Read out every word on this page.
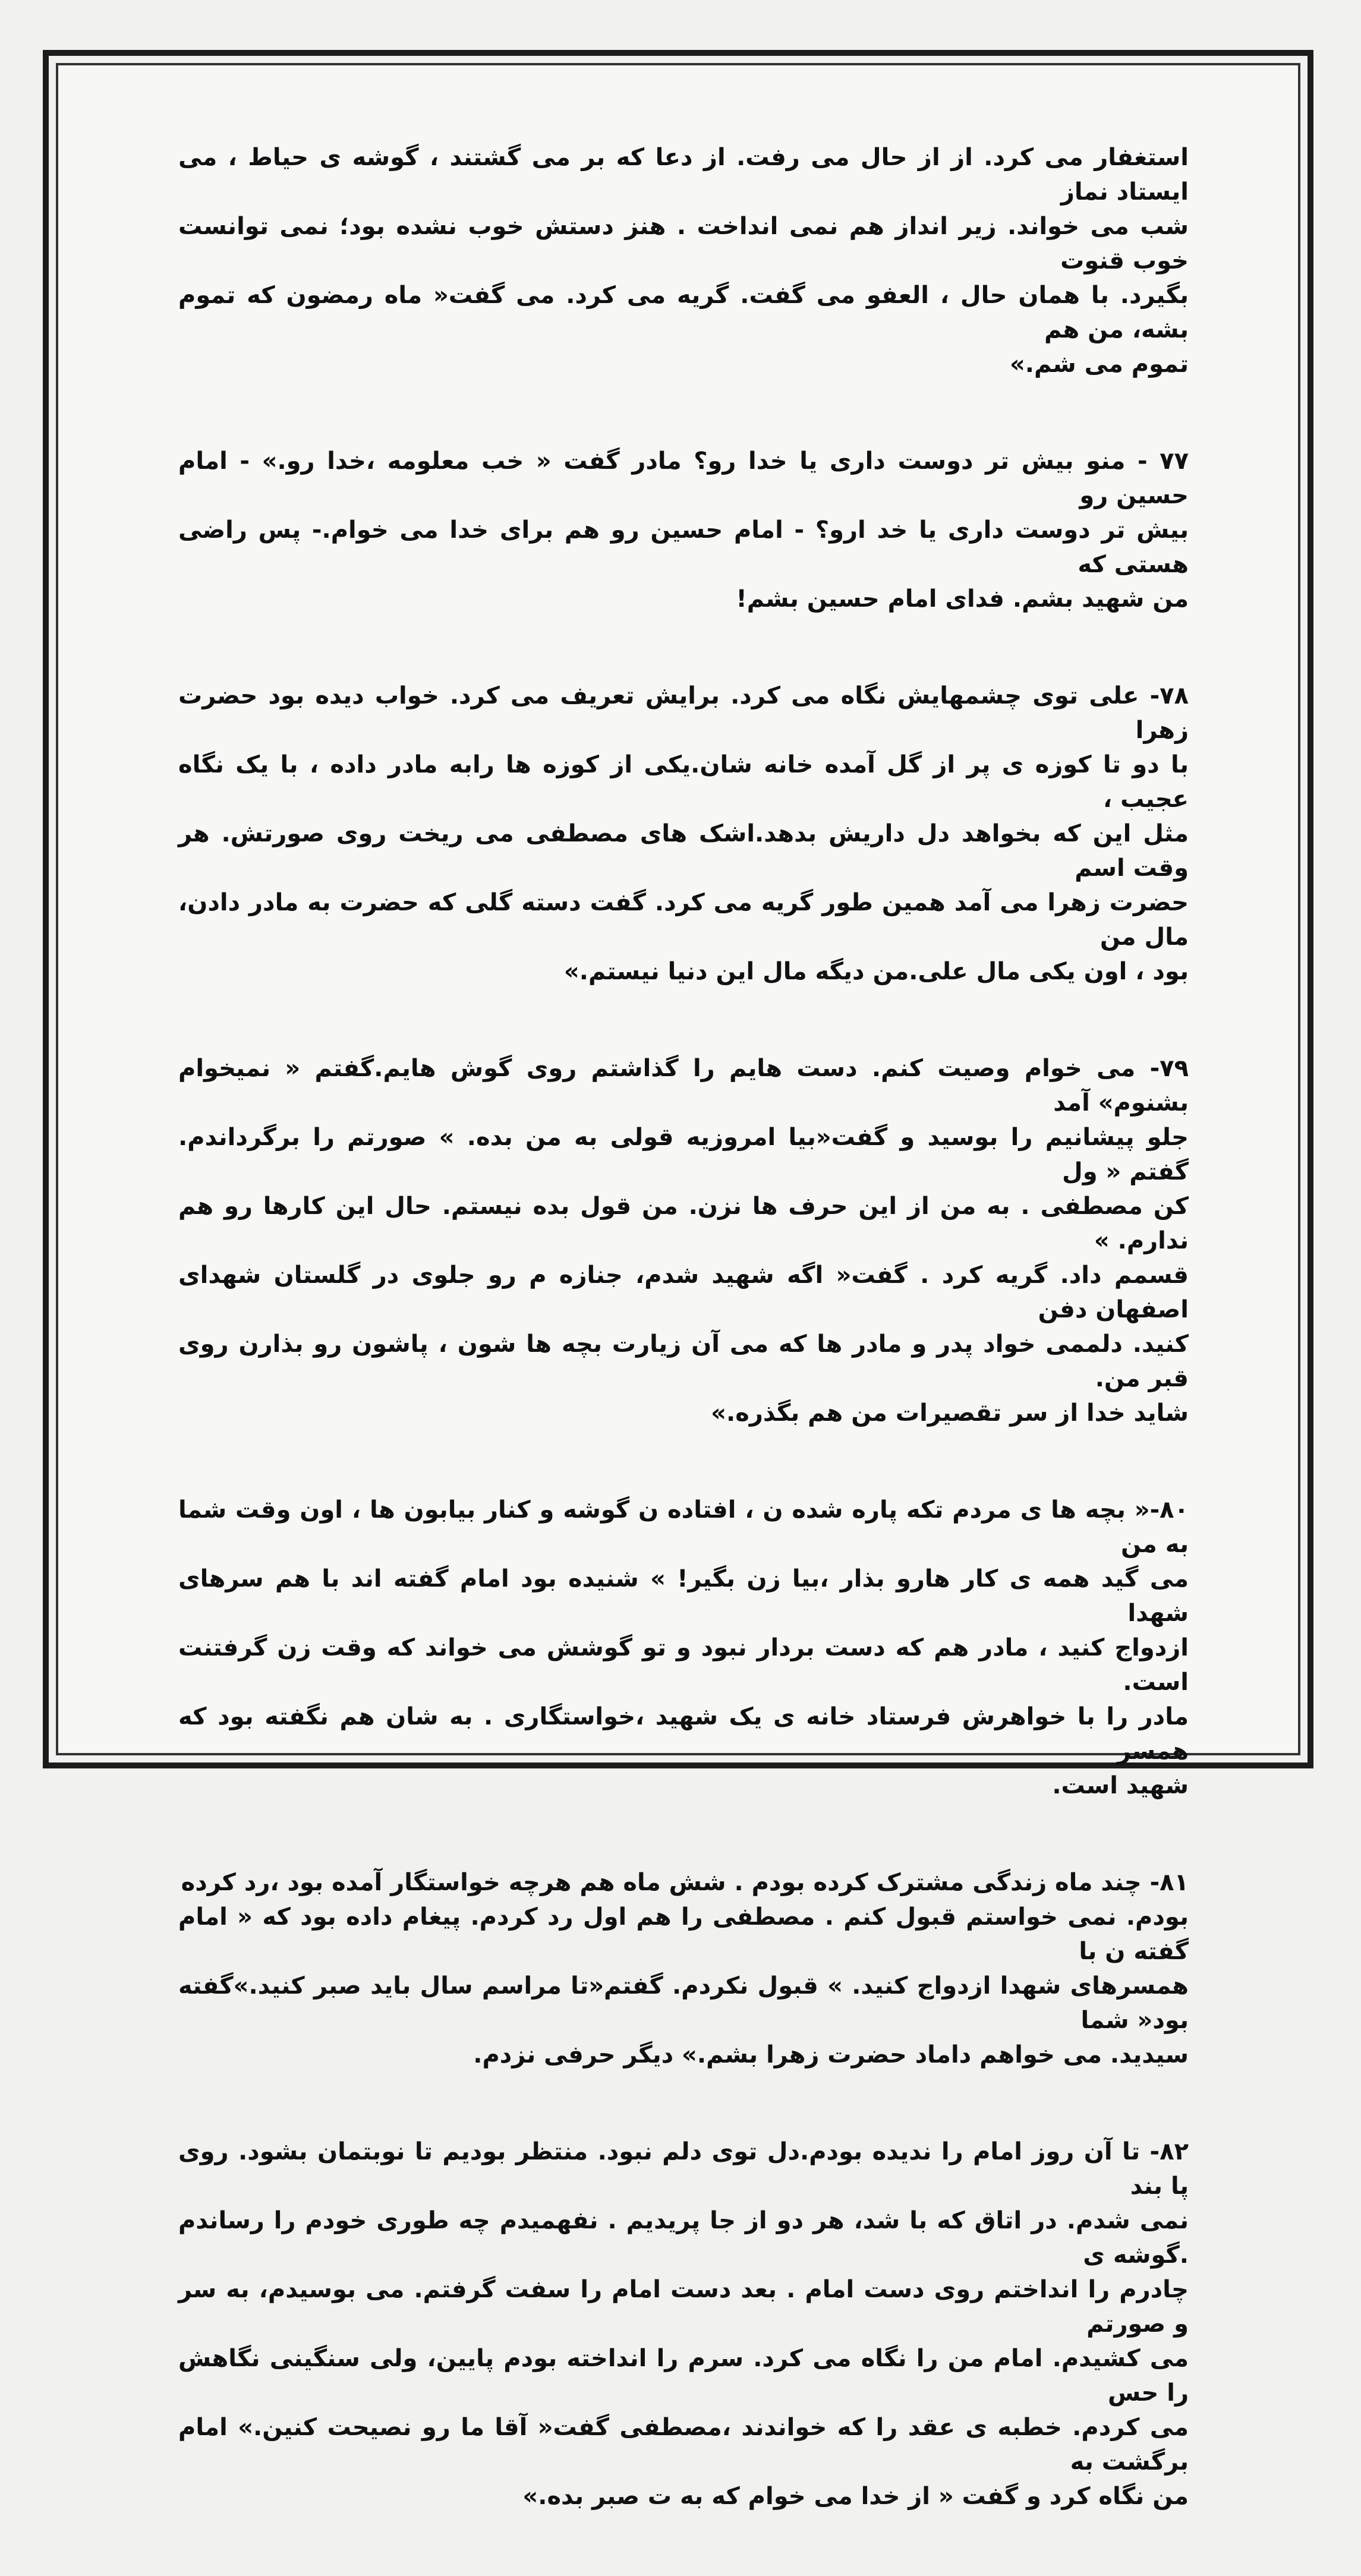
استغفار می کرد. از از حال می رفت. از دعا که بر می گشتند ، گوشه ی حیاط ، می ایستاد نماز
شب می خواند. زیر انداز هم نمی انداخت . هنز دستش خوب نشده بود؛ نمی توانست خوب قنوت
بگیرد. با همان حال ، العفو می گفت. گریه می کرد. می گفت« ماه رمضون که تموم بشه، من هم
تموم می شم.»

۷۷ - منو بیش تر دوست داری یا خدا رو؟ مادر گفت « خب معلومه ،خدا رو.» - امام حسین رو
بیش تر دوست داری یا خد ارو؟ - امام حسین رو هم برای خدا می خوام.- پس راضی هستی که
من شهید بشم. فدای امام حسین بشم!

۷۸- علی توی چشمهایش نگاه می کرد. برایش تعریف می کرد. خواب دیده بود حضرت زهرا
با دو تا کوزه ی پر از گل آمده خانه شان.یکی از کوزه ها رابه مادر داده ، با یک نگاه عجیب ،
مثل این که بخواهد دل داریش بدهد.اشک های مصطفی می ریخت روی صورتش. هر وقت اسم
حضرت زهرا می آمد همین طور گریه می کرد. گفت دسته گلی که حضرت به مادر دادن، مال من
بود ، اون یکی مال علی.من دیگه مال این دنیا نیستم.»

۷۹- می خوام وصیت کنم. دست هایم را گذاشتم روی گوش هایم.گفتم « نمیخوام بشنوم» آمد
جلو پیشانیم را بوسید و گفت«بیا امروزیه قولی به من بده. » صورتم را برگرداندم. گفتم « ول
کن مصطفی . به من از این حرف ها نزن. من قول بده نیستم. حال این کارها رو هم ندارم. »
قسمم داد. گریه کرد . گفت« اگه شهید شدم، جنازه م رو جلوی در گلستان شهدای اصفهان دفن
کنید. دلممی خواد پدر و مادر ها که می آن زیارت بچه ها شون ، پاشون رو بذارن روی قبر من.
شاید خدا از سر تقصیرات من هم بگذره.»

۸۰-« بچه ها ی مردم تکه پاره شده ن ، افتاده ن گوشه و کنار بیابون ها ، اون وقت شما به من
می گید همه ی کار هارو بذار ،بیا زن بگیر! » شنیده بود امام گفته اند با هم سرهای شهدا
ازدواج کنید ، مادر هم که دست بردار نبود و تو گوشش می خواند که وقت زن گرفتنت است.
مادر را با خواهرش فرستاد خانه ی یک شهید ،خواستگاری . به شان هم نگفته بود که همسر
شهید است.

۸۱- چند ماه زندگی مشترک کرده بودم . شش ماه هم هرچه خواستگار آمده بود ،رد کرده
بودم. نمی خواستم قبول کنم . مصطفی را هم اول رد کردم. پیغام داده بود که « امام گفته ن با
همسرهای شهدا ازدواج کنید. » قبول نکردم. گفتم«تا مراسم سال باید صبر کنید.»گفته بود« شما
سیدید. می خواهم داماد حضرت زهرا بشم.» دیگر حرفی نزدم.

۸۲- تا آن روز امام را ندیده بودم.دل توی دلم نبود. منتظر بودیم تا نوبتمان بشود. روی پا بند
نمی شدم. در اتاق که با شد، هر دو از جا پریدیم . نفهمیدم چه طوری خودم را رساندم .گوشه ی
چادرم را انداختم روی دست امام . بعد دست امام را سفت گرفتم. می بوسیدم، به سر و صورتم
می کشیدم. امام من را نگاه می کرد. سرم را انداخته بودم پایین، ولی سنگینی نگاهش را حس
می کردم. خطبه ی عقد را که خواندند ،مصطفی گفت« آقا ما رو نصیحت کنین.» امام برگشت به
من نگاه کرد و گفت « از خدا می خوام که به ت صبر بده.»
